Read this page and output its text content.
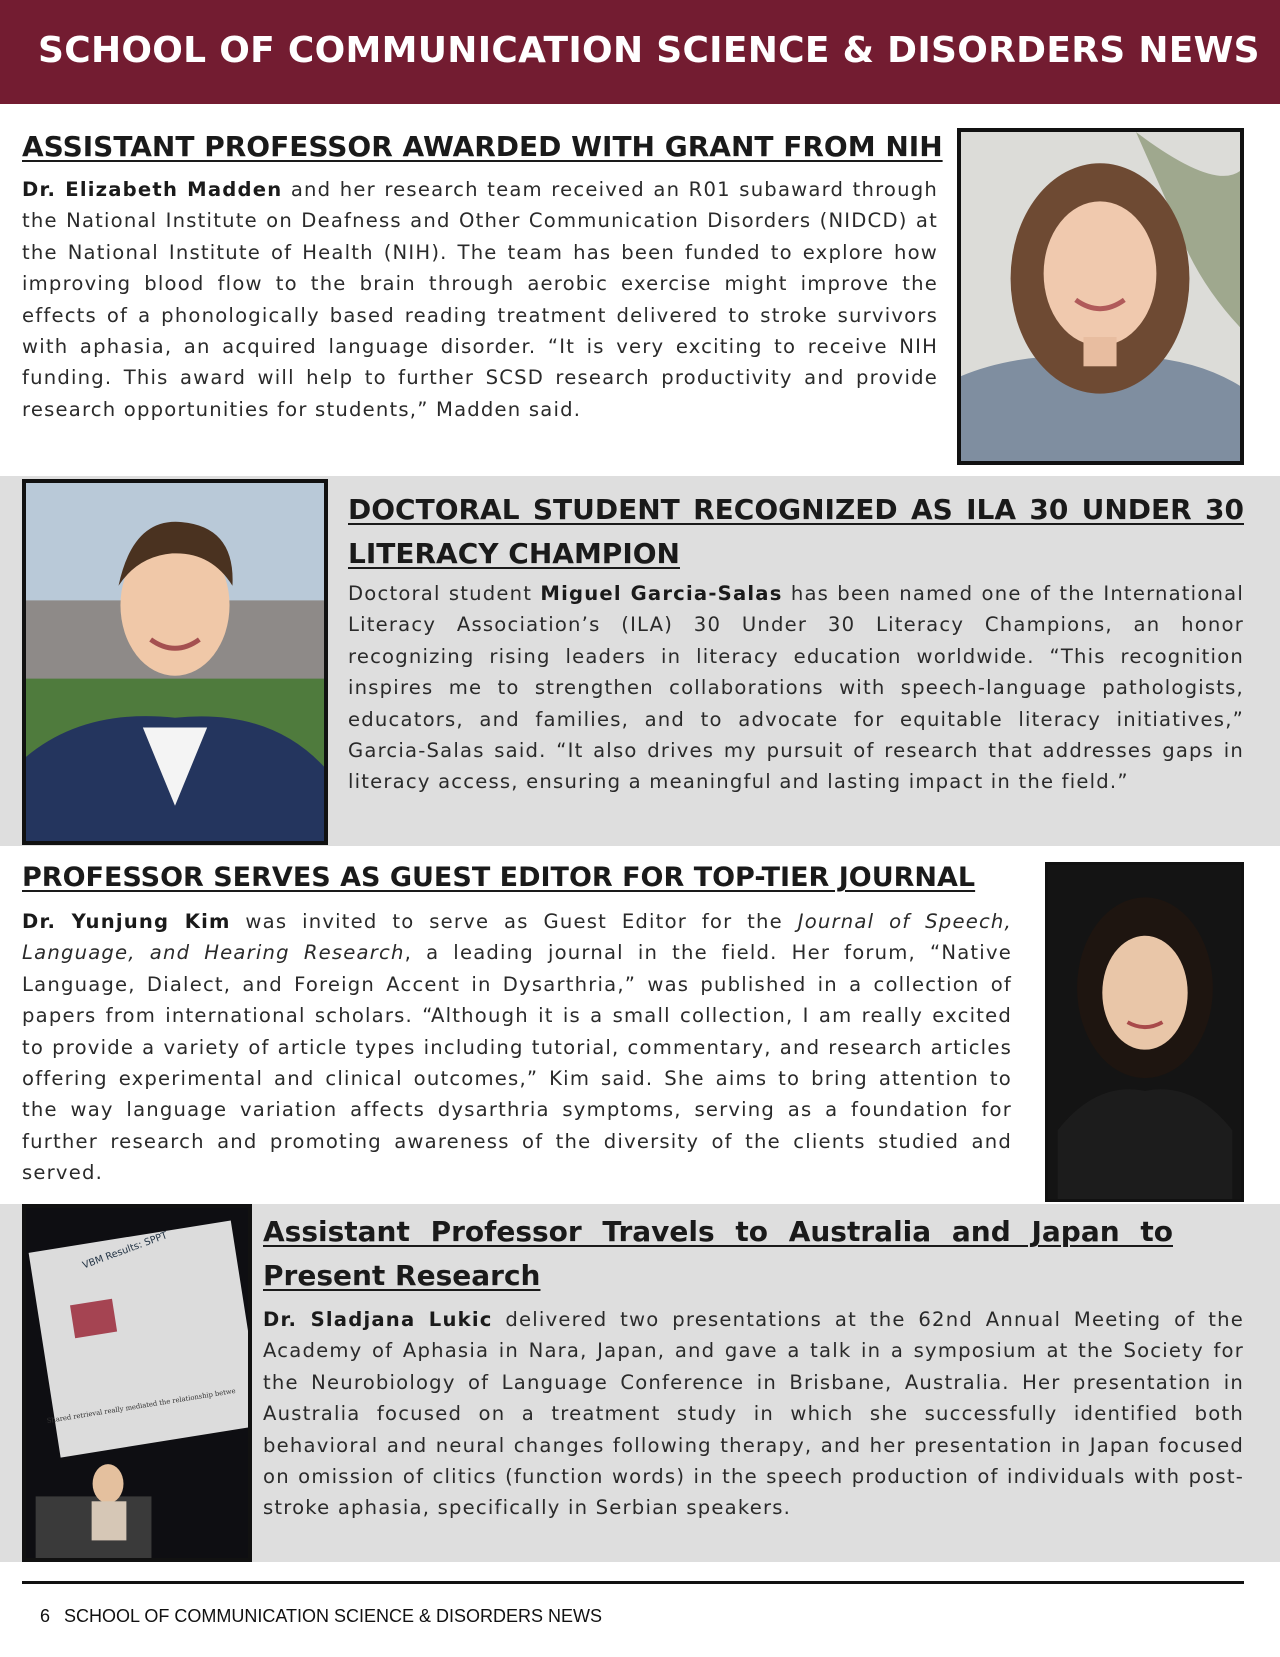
SCHOOL OF COMMUNICATION SCIENCE & DISORDERS NEWS
ASSISTANT PROFESSOR AWARDED WITH GRANT FROM NIH

Dr. Elizabeth Madden and her research team received an R01 subaward through the National Institute on Deafness and Other Communication Disorders (NIDCD) at the National Institute of Health (NIH). The team has been funded to explore how improving blood flow to the brain through aerobic exercise might improve the effects of a phonologically based reading treatment delivered to stroke survivors with aphasia, an acquired language disorder. “It is very exciting to receive NIH funding. This award will help to further SCSD research productivity and provide research opportunities for students,” Madden said.

DOCTORAL STUDENT RECOGNIZED AS ILA 30 UNDER 30 LITERACY CHAMPION

Doctoral student Miguel Garcia-Salas has been named one of the International Literacy Association’s (ILA) 30 Under 30 Literacy Champions, an honor recognizing rising leaders in literacy education worldwide. “This recognition inspires me to strengthen collaborations with speech-language pathologists, educators, and families, and to advocate for equitable literacy initiatives,” Garcia-Salas said. “It also drives my pursuit of research that addresses gaps in literacy access, ensuring a meaningful and lasting impact in the field.”

PROFESSOR SERVES AS GUEST EDITOR FOR TOP-TIER JOURNAL

Dr. Yunjung Kim was invited to serve as Guest Editor for the Journal of Speech, Language, and Hearing Research, a leading journal in the field. Her forum, “Native Language, Dialect, and Foreign Accent in Dysarthria,” was published in a collection of papers from international scholars. “Although it is a small collection, I am really excited to provide a variety of article types including tutorial, commentary, and research articles offering experimental and clinical outcomes,” Kim said. She aims to bring attention to the way language variation affects dysarthria symptoms, serving as a foundation for further research and promoting awareness of the diversity of the clients studied and served.

VBM Results: SPPT
Shared retrieval really mediated the relationship betwe
Assistant Professor Travels to Australia and Japan to Present Research

Dr. Sladjana Lukic delivered two presentations at the 62nd Annual Meeting of the Academy of Aphasia in Nara, Japan, and gave a talk in a symposium at the Society for the Neurobiology of Language Conference in Brisbane, Australia. Her presentation in Australia focused on a treatment study in which she successfully identified both behavioral and neural changes following therapy, and her presentation in Japan focused on omission of clitics (function words) in the speech production of individuals with post-stroke aphasia, specifically in Serbian speakers.

6 SCHOOL OF COMMUNICATION SCIENCE & DISORDERS NEWS
